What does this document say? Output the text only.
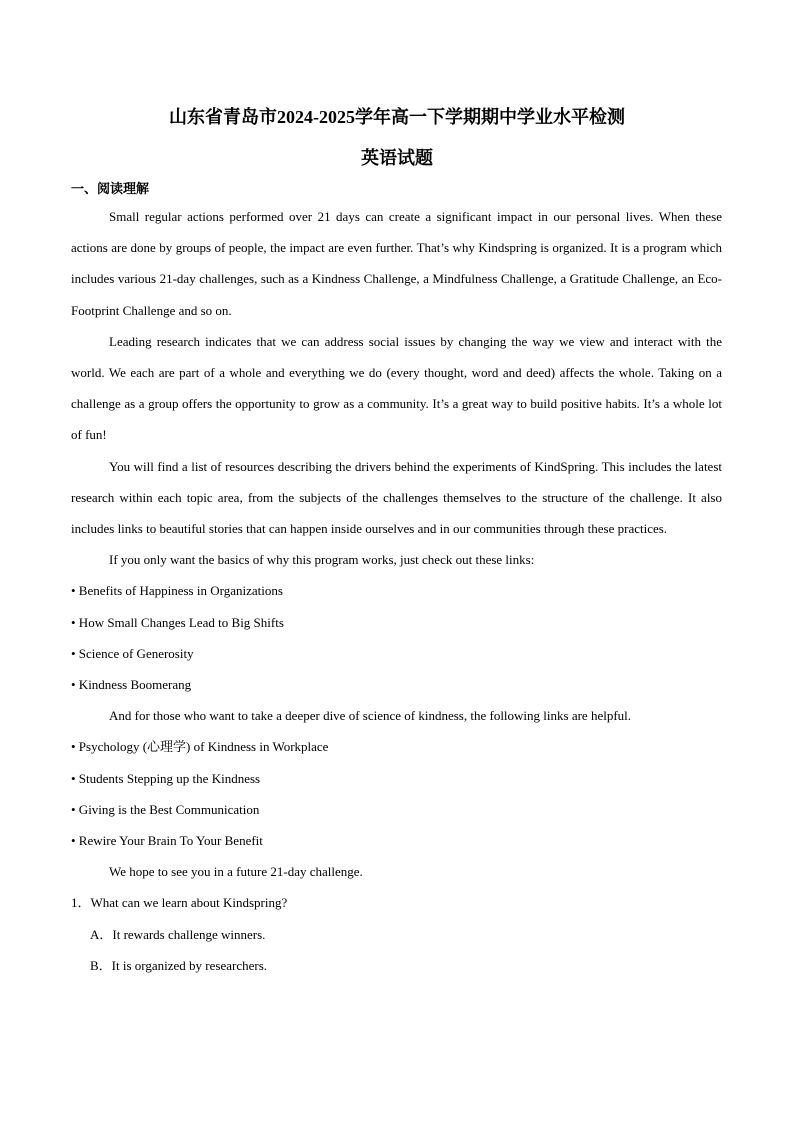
山东省青岛市2024-2025学年高一下学期期中学业水平检测
英语试题
一、阅读理解

Small regular actions performed over 21 days can create a significant impact in our personal lives. When these actions are done by groups of people, the impact are even further. That’s why Kindspring is organized. It is a program which includes various 21-day challenges, such as a Kindness Challenge, a Mindfulness Challenge, a Gratitude Challenge, an Eco-Footprint Challenge and so on.

Leading research indicates that we can address social issues by changing the way we view and interact with the world. We each are part of a whole and everything we do (every thought, word and deed) affects the whole. Taking on a challenge as a group offers the opportunity to grow as a community. It’s a great way to build positive habits. It’s a whole lot of fun!

You will find a list of resources describing the drivers behind the experiments of KindSpring. This includes the latest research within each topic area, from the subjects of the challenges themselves to the structure of the challenge. It also includes links to beautiful stories that can happen inside ourselves and in our communities through these practices.

If you only want the basics of why this program works, just check out these links:

• Benefits of Happiness in Organizations

• How Small Changes Lead to Big Shifts

• Science of Generosity

• Kindness Boomerang

And for those who want to take a deeper dive of science of kindness, the following links are helpful.

• Psychology (心理学) of Kindness in Workplace

• Students Stepping up the Kindness

• Giving is the Best Communication

• Rewire Your Brain To Your Benefit

We hope to see you in a future 21-day challenge.

1．What can we learn about Kindspring?

A．It rewards challenge winners.

B．It is organized by researchers.
